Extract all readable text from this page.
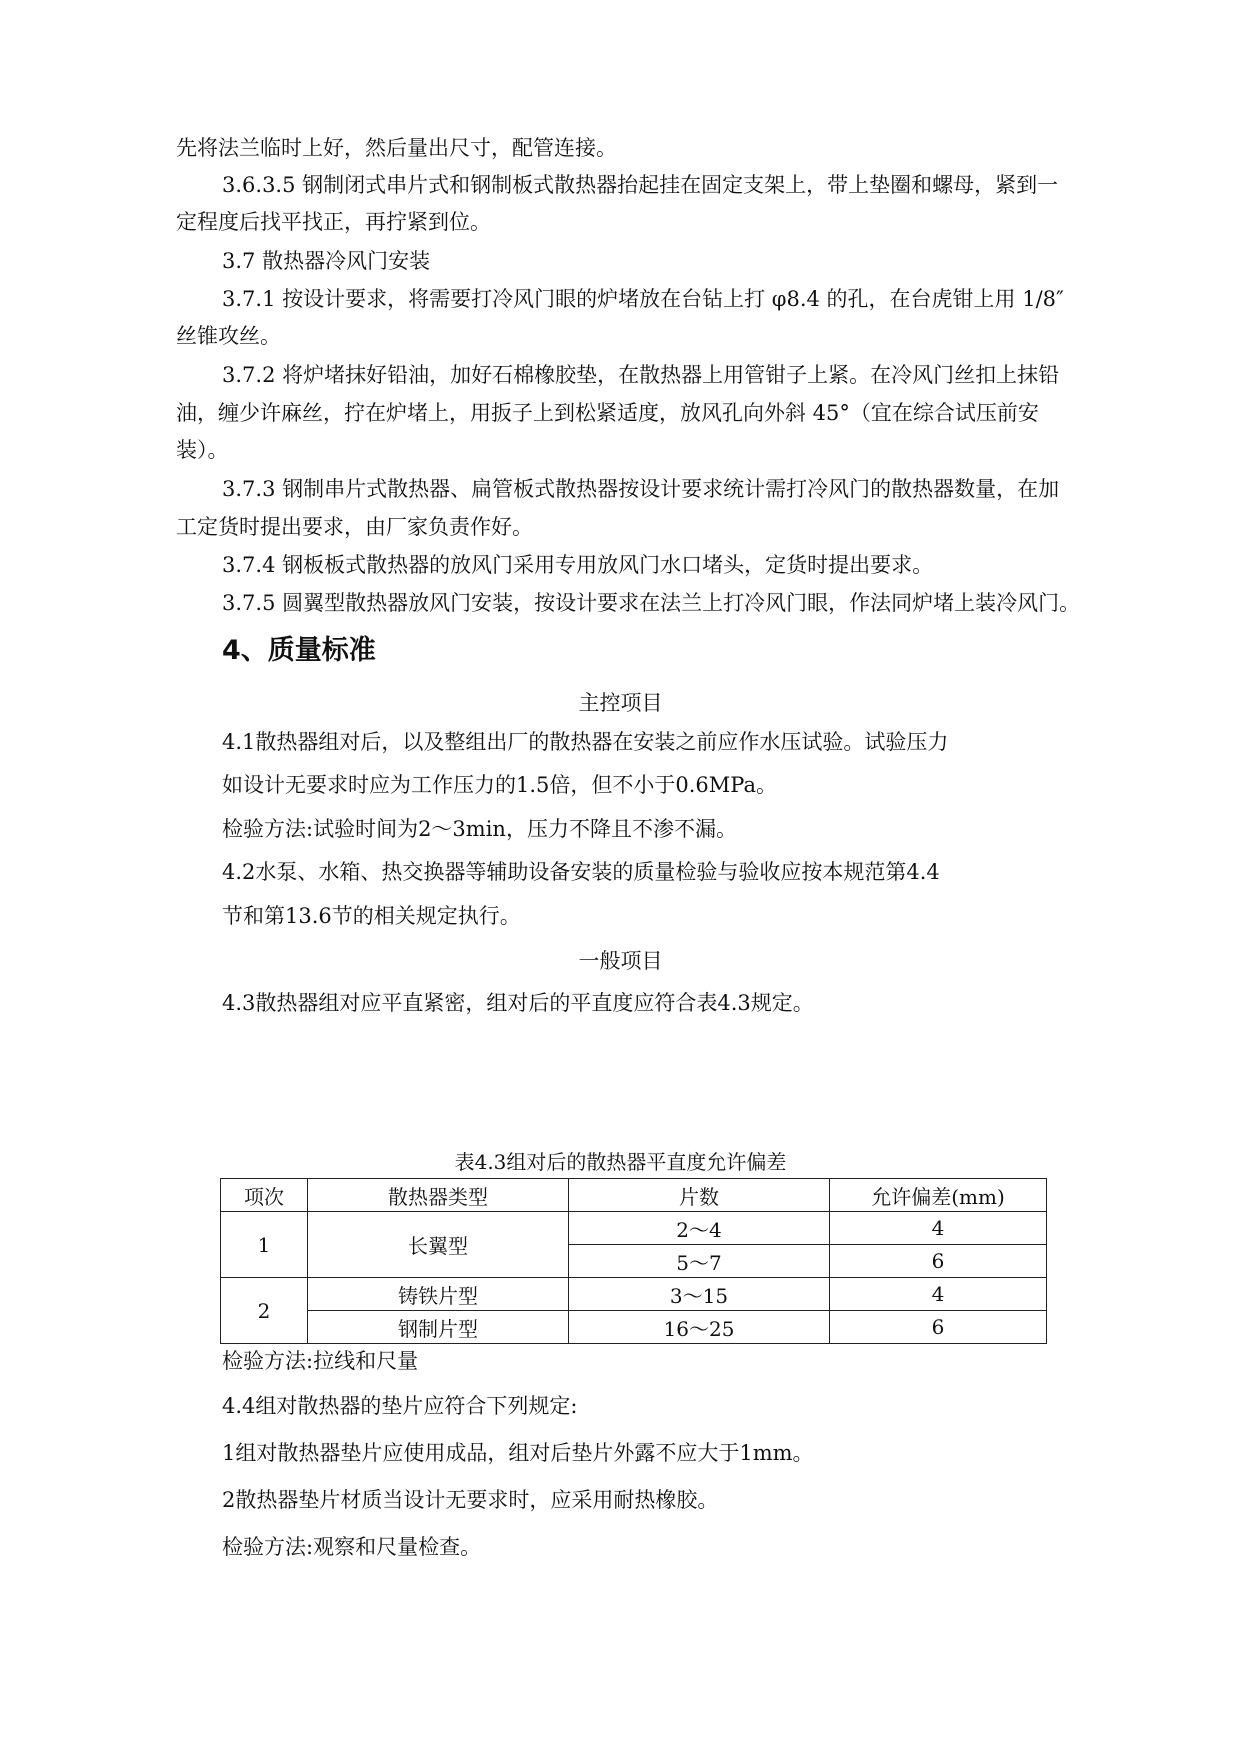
先将法兰临时上好，然后量出尺寸，配管连接。
3.6.3.5 钢制闭式串片式和钢制板式散热器抬起挂在固定支架上，带上垫圈和螺母，紧到一
定程度后找平找正，再拧紧到位。
3.7 散热器冷风门安装
3.7.1 按设计要求，将需要打冷风门眼的炉堵放在台钻上打 φ8.4 的孔，在台虎钳上用 1/8″
丝锥攻丝。
3.7.2 将炉堵抹好铅油，加好石棉橡胶垫，在散热器上用管钳子上紧。在冷风门丝扣上抹铅
油，缠少许麻丝，拧在炉堵上，用扳子上到松紧适度，放风孔向外斜 45°（宜在综合试压前安
装）。
3.7.3 钢制串片式散热器、扁管板式散热器按设计要求统计需打冷风门的散热器数量，在加
工定货时提出要求，由厂家负责作好。
3.7.4 钢板板式散热器的放风门采用专用放风门水口堵头，定货时提出要求。
3.7.5 圆翼型散热器放风门安装，按设计要求在法兰上打冷风门眼，作法同炉堵上装冷风门。
4、质量标准
主控项目
4.1散热器组对后，以及整组出厂的散热器在安装之前应作水压试验。试验压力
如设计无要求时应为工作压力的1.5倍，但不小于0.6MPa。
检验方法:试验时间为2～3min，压力不降且不渗不漏。
4.2水泵、水箱、热交换器等辅助设备安装的质量检验与验收应按本规范第4.4
节和第13.6节的相关规定执行。
一般项目
4.3散热器组对应平直紧密，组对后的平直度应符合表4.3规定。
表4.3组对后的散热器平直度允许偏差
项次	散热器类型	片数	允许偏差(mm)
1	长翼型	2～4	4
		5～7	6
2	铸铁片型	3～15	4
	钢制片型	16～25	6
检验方法:拉线和尺量
4.4组对散热器的垫片应符合下列规定:
1组对散热器垫片应使用成品，组对后垫片外露不应大于1mm。
2散热器垫片材质当设计无要求时，应采用耐热橡胶。
检验方法:观察和尺量检查。
